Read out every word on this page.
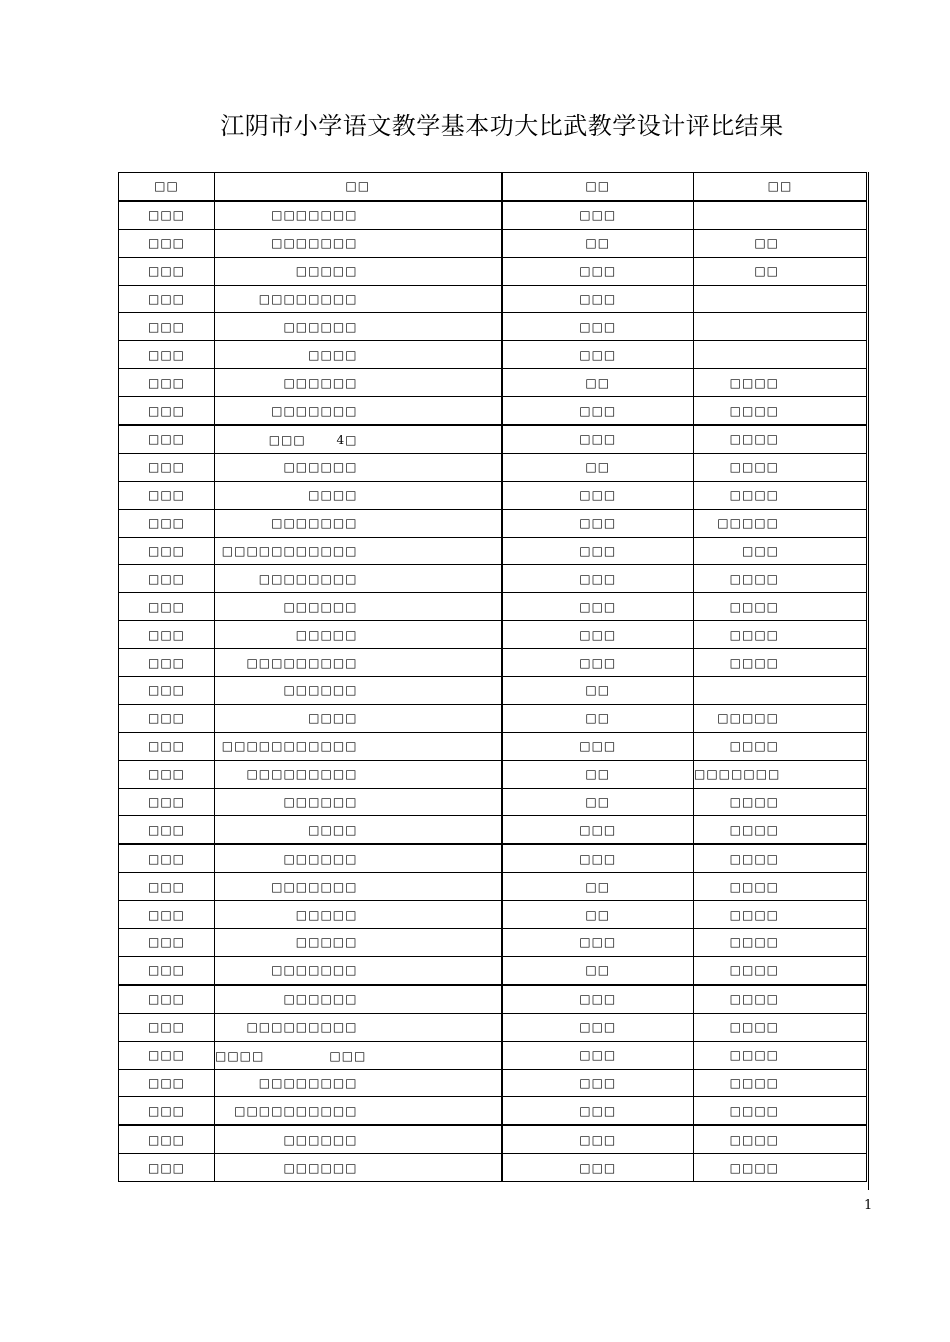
江阴市小学语文教学基本功大比武教学设计评比结果
□□	□□	□□	□□
□□□	□□□□□□□	□□□	
□□□	□□□□□□□	□□	□□
□□□	□□□□□	□□□	□□
□□□	□□□□□□□□	□□□	
□□□	□□□□□□	□□□	
□□□	□□□□	□□□	
□□□	□□□□□□	□□	□□□□
□□□	□□□□□□□	□□□	□□□□
□□□	□□□　　 4□	□□□	□□□□
□□□	□□□□□□	□□	□□□□
□□□	□□□□	□□□	□□□□
□□□	□□□□□□□	□□□	□□□□□
□□□	□□□□□□□□□□□	□□□	□□□
□□□	□□□□□□□□	□□□	□□□□
□□□	□□□□□□	□□□	□□□□
□□□	□□□□□	□□□	□□□□
□□□	□□□□□□□□□	□□□	□□□□
□□□	□□□□□□	□□	
□□□	□□□□	□□	□□□□□
□□□	□□□□□□□□□□□	□□□	□□□□
□□□	□□□□□□□□□	□□	□□□□□□□
□□□	□□□□□□	□□	□□□□
□□□	□□□□	□□□	□□□□
□□□	□□□□□□	□□□	□□□□
□□□	□□□□□□□	□□	□□□□
□□□	□□□□□	□□	□□□□
□□□	□□□□□	□□□	□□□□
□□□	□□□□□□□	□□	□□□□
□□□	□□□□□□	□□□	□□□□
□□□	□□□□□□□□□	□□□	□□□□
□□□	□□□□　　　　　□□□	□□□	□□□□
□□□	□□□□□□□□	□□□	□□□□
□□□	□□□□□□□□□□	□□□	□□□□
□□□	□□□□□□	□□□	□□□□
□□□	□□□□□□	□□□	□□□□
1
